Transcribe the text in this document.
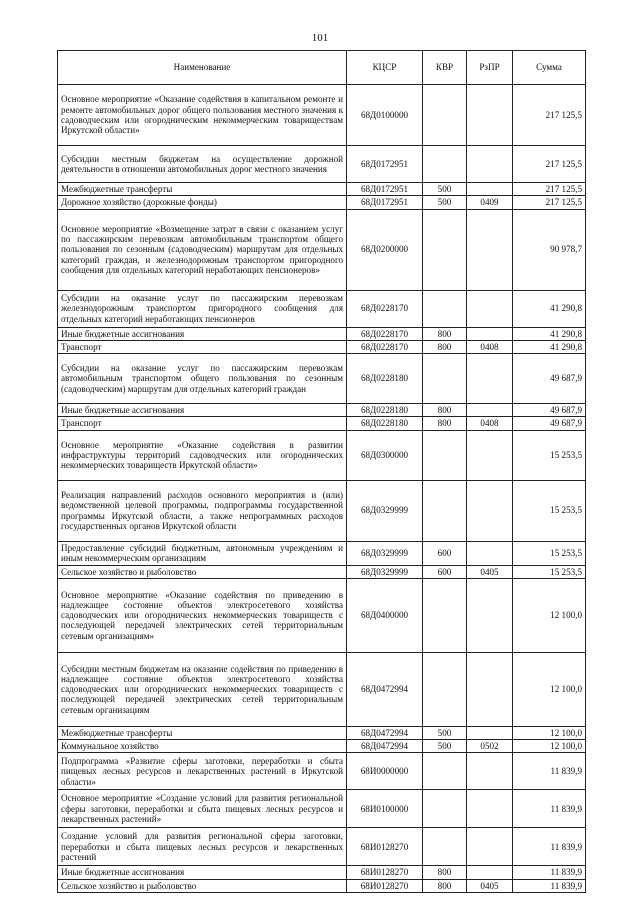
101
Наименование	КЦСР	КВР	РзПР	Сумма
Основное мероприятие «Оказание содействия в капитальном ремонте и ремонте автомобильных дорог общего пользования местного значения к садоводческим или огородническим некоммерческим товариществам Иркутской области»	68Д0100000			217 125,5
Субсидии местным бюджетам на осуществление дорожной деятельности в отношении автомобильных дорог местного значения	68Д0172951			217 125,5
Межбюджетные трансферты	68Д0172951	500		217 125,5
Дорожное хозяйство (дорожные фонды)	68Д0172951	500	0409	217 125,5
Основное мероприятие «Возмещение затрат в связи с оказанием услуг по пассажирским перевозкам автомобильным транспортом общего пользования по сезонным (садоводческим) маршрутам для отдельных категорий граждан, и железнодорожным транспортом пригородного сообщения для отдельных категорий неработающих пенсионеров»	68Д0200000			90 978,7
Субсидии на оказание услуг по пассажирским перевозкам железнодорожным транспортом пригородного сообщения для отдельных категорий неработающих пенсионеров	68Д0228170			41 290,8
Иные бюджетные ассигнования	68Д0228170	800		41 290,8
Транспорт	68Д0228170	800	0408	41 290,8
Субсидии на оказание услуг по пассажирским перевозкам автомобильным транспортом общего пользования по сезонным (садоводческим) маршрутам для отдельных категорий граждан	68Д0228180			49 687,9
Иные бюджетные ассигнования	68Д0228180	800		49 687,9
Транспорт	68Д0228180	800	0408	49 687,9
Основное мероприятие «Оказание содействия в развитии инфраструктуры территорий садоводческих или огороднических некоммерческих товариществ Иркутской области»	68Д0300000			15 253,5
Реализация направлений расходов основного мероприятия и (или) ведомственной целевой программы, подпрограммы государственной программы Иркутской области, а также непрограммных расходов государственных органов Иркутской области	68Д0329999			15 253,5
Предоставление субсидий бюджетным, автономным учреждениям и иным некоммерческим организациям	68Д0329999	600		15 253,5
Сельское хозяйство и рыболовство	68Д0329999	600	0405	15 253,5
Основное мероприятие «Оказание содействия по приведению в надлежащее состояние объектов электросетевого хозяйства садоводческих или огороднических некоммерческих товариществ с последующей передачей электрических сетей территориальным сетевым организациям»	68Д0400000			12 100,0
Субсидии местным бюджетам на оказание содействия по приведению в надлежащее состояние объектов электросетевого хозяйства садоводческих или огороднических некоммерческих товариществ с последующей передачей электрических сетей территориальным сетевым организациям	68Д0472994			12 100,0
Межбюджетные трансферты	68Д0472994	500		12 100,0
Коммунальное хозяйство	68Д0472994	500	0502	12 100,0
Подпрограмма «Развитие сферы заготовки, переработки и сбыта пищевых лесных ресурсов и лекарственных растений в Иркутской области»	68И0000000			11 839,9
Основное мероприятие «Создание условий для развития региональной сферы заготовки, переработки и сбыта пищевых лесных ресурсов и лекарственных растений»	68И0100000			11 839,9
Создание условий для развития региональной сферы заготовки, переработки и сбыта пищевых лесных ресурсов и лекарственных растений	68И0128270			11 839,9
Иные бюджетные ассигнования	68И0128270	800		11 839,9
Сельское хозяйство и рыболовство	68И0128270	800	0405	11 839,9
